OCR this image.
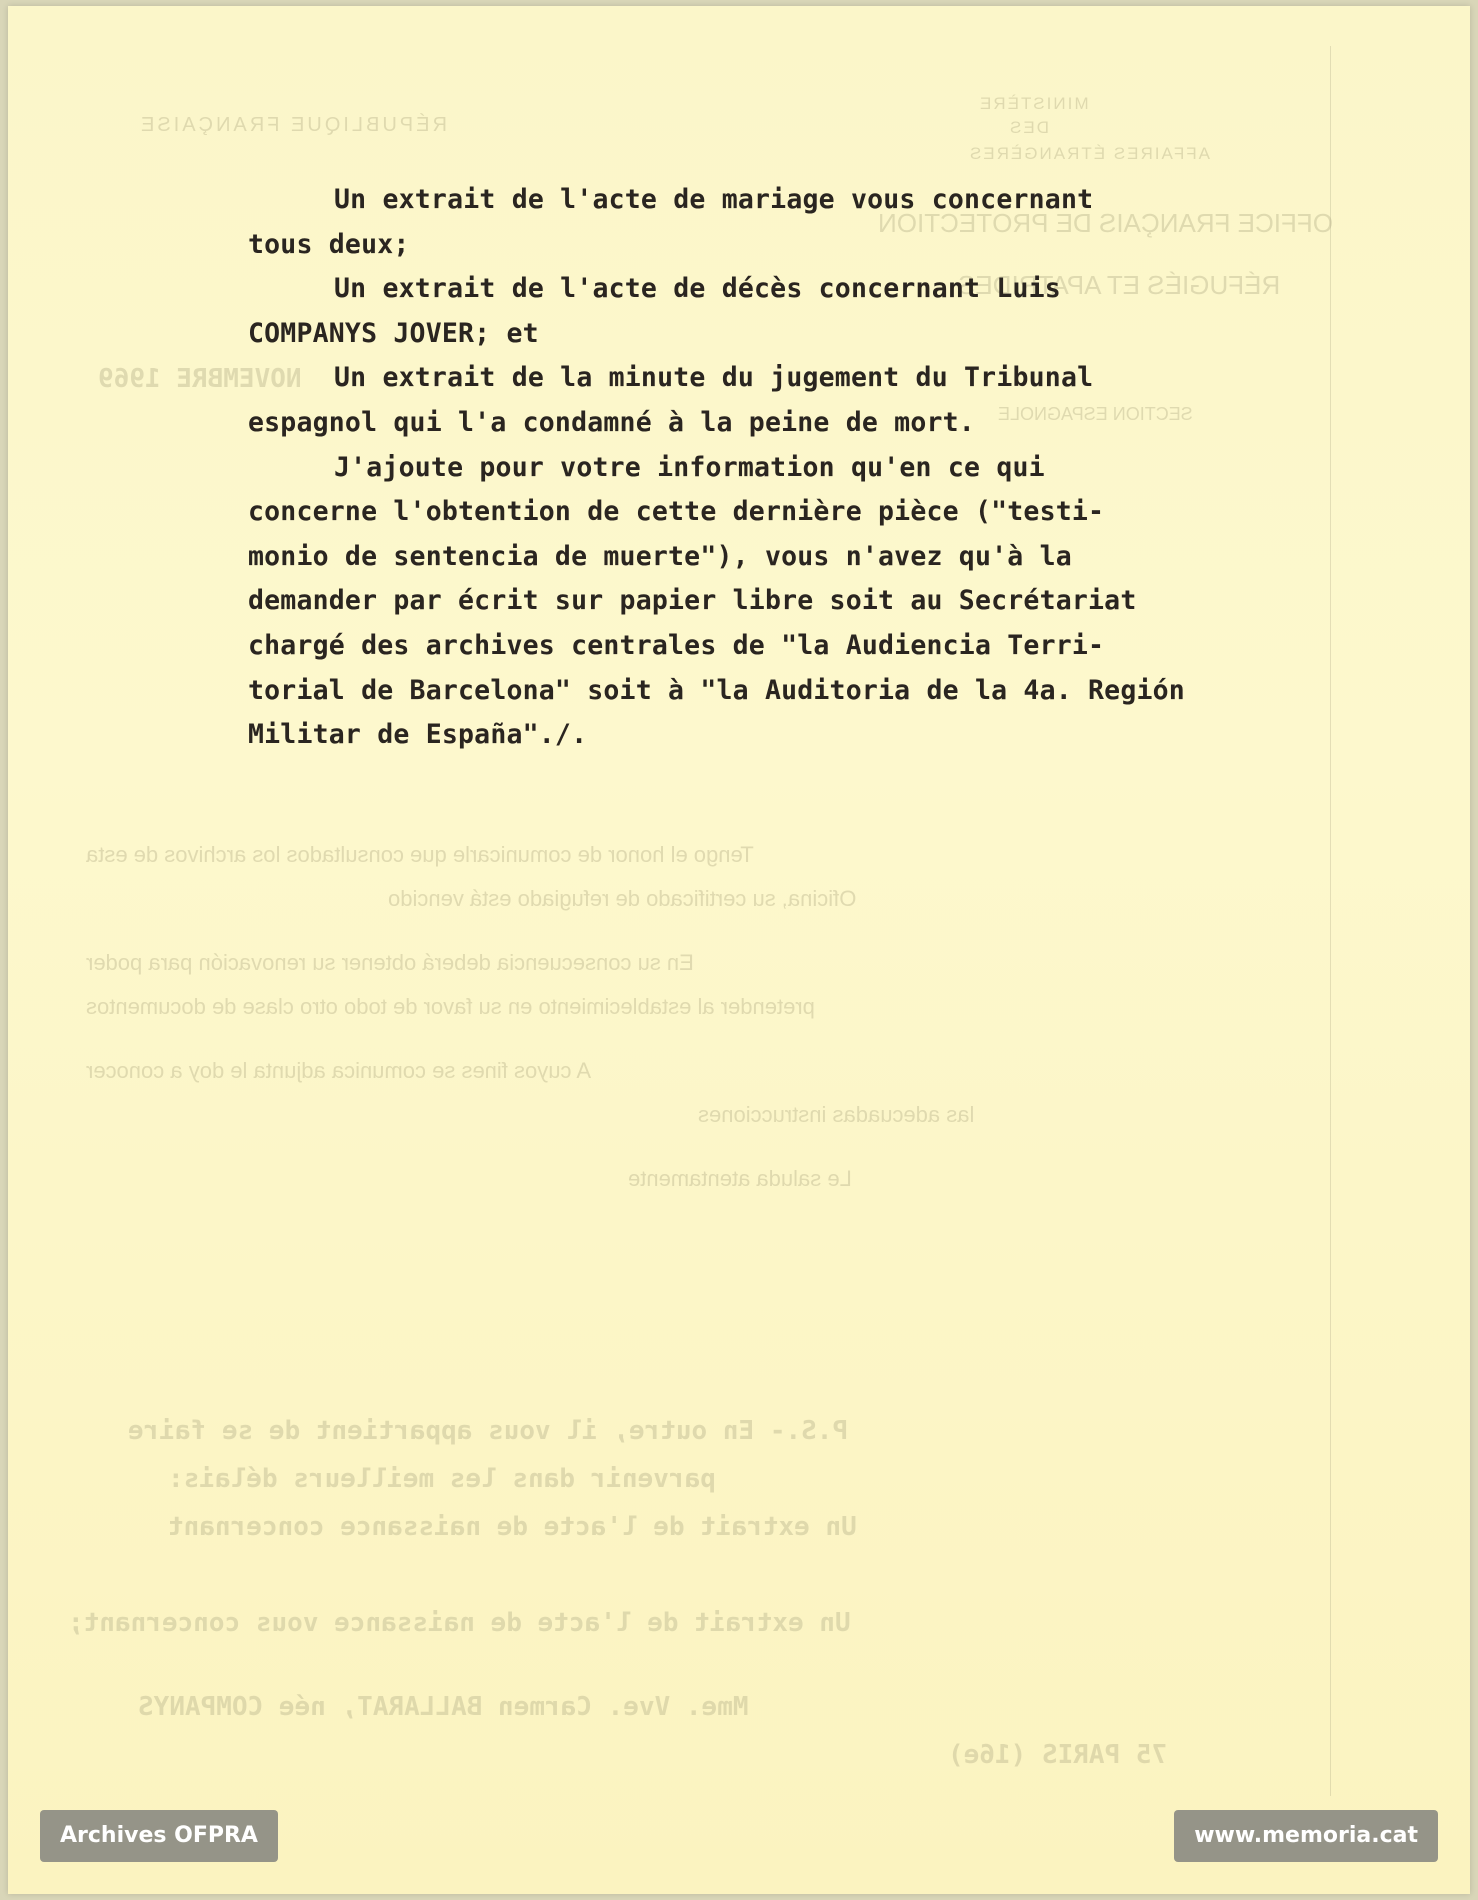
RÉPUBLIQUE FRANÇAISE
MINISTÈRE
DES
AFFAIRES ÉTRANGÈRES
OFFICE FRANÇAIS DE PROTECTION
RÉFUGIÉS ET APATRIDES
SECTION ESPAGNOLE
NOVEMBRE 1969
Tengo el honor de comunicarle que consultados los archivos de esta
Oficina, su certificado de refugiado está vencido
En su consecuencia deberá obtener su renovación para poder
pretender al establecimiento en su favor de todo otro clase de documentos
A cuyos fines se comunica adjunta le doy a conocer
las adecuadas instrucciones
Le saluda atentamente
P.S.- En outre, il vous appartient de se faire
parvenir dans les meilleurs délais:
Un extrait de l'acte de naissance concernant
Un extrait de l'acte de naissance vous concernant;
Mme. Vve. Carmen BALLARAT, née COMPANYS
75 PARIS (16e)

Un extrait de l'acte de mariage vous concernant

tous deux;

Un extrait de l'acte de décès concernant Luis

COMPANYS JOVER; et

Un extrait de la minute du jugement du Tribunal

espagnol qui l'a condamné à la peine de mort.

J'ajoute pour votre information qu'en ce qui

concerne l'obtention de cette dernière pièce ("testi-

monio de sentencia de muerte"), vous n'avez qu'à la

demander par écrit sur papier libre soit au Secrétariat

chargé des archives centrales de "la Audiencia Terri-

torial de Barcelona" soit à "la Auditoria de la 4a. Región

Militar de España"./.

Archives OFPRA	www.memoria.cat
